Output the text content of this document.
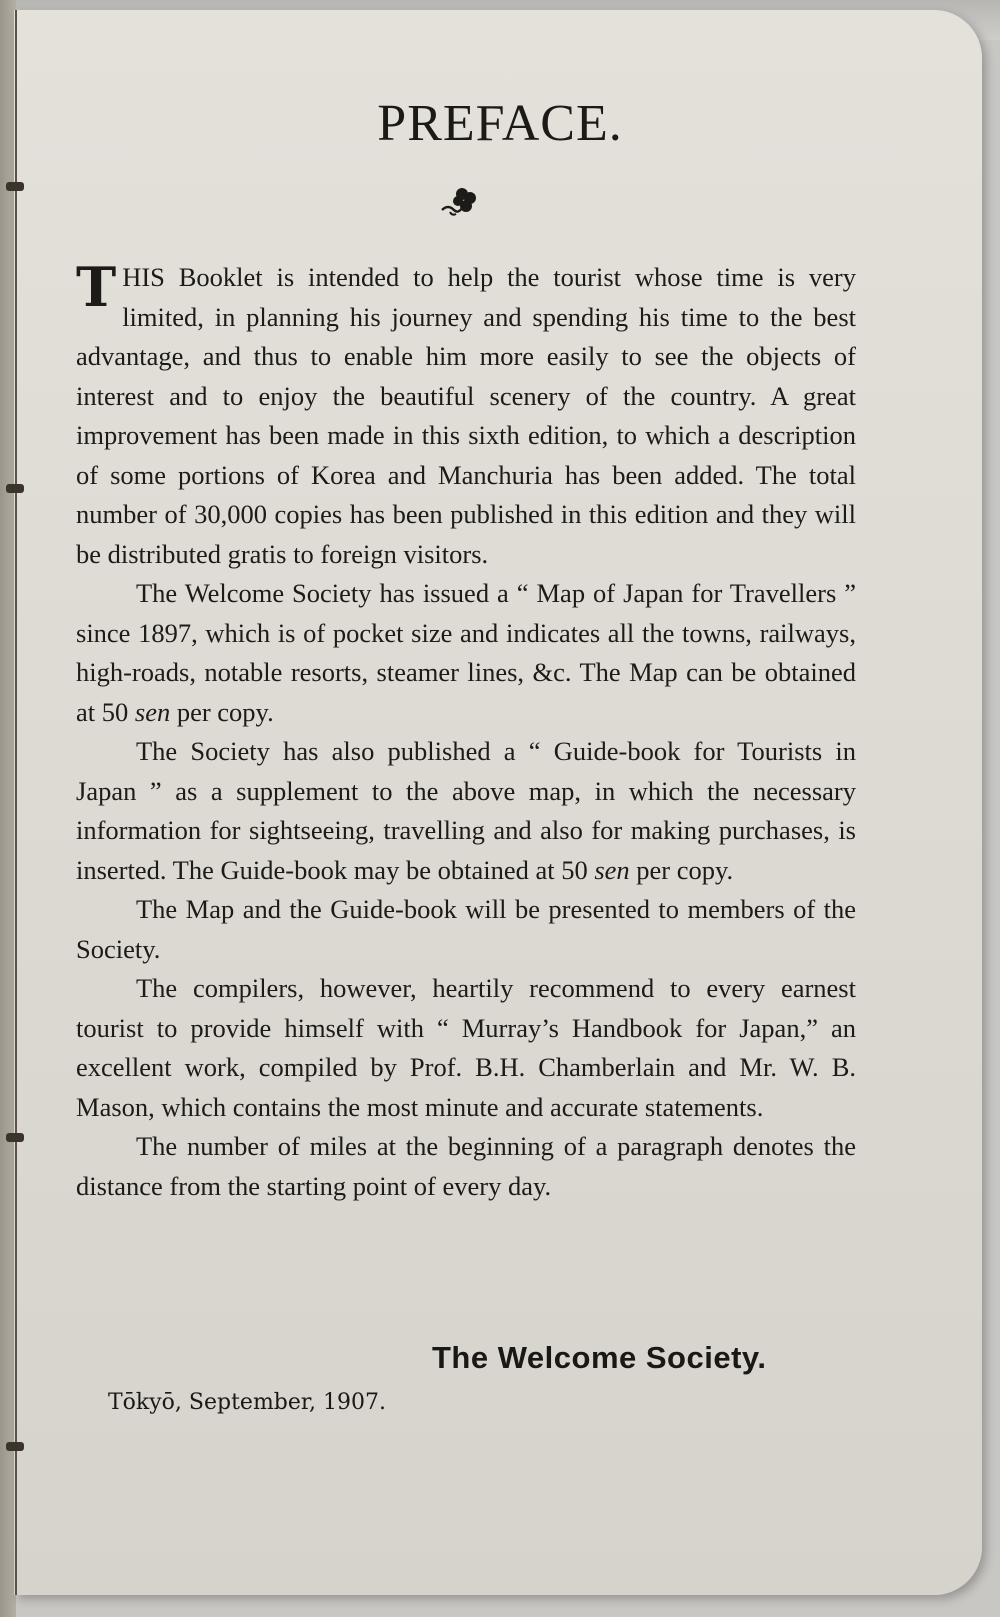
PREFACE.

THIS Booklet is intended to help the tourist whose time is very limited, in planning his journey and spending his time to the best advantage, and thus to enable him more easily to see the objects of interest and to enjoy the beautiful scenery of the country. A great improvement has been made in this sixth edition, to which a description of some portions of Korea and Manchuria has been added. The total number of 30,000 copies has been published in this edition and they will be distributed gratis to foreign visitors.

The Welcome Society has issued a “ Map of Japan for Travellers ” since 1897, which is of pocket size and indicates all the towns, railways, high-roads, notable resorts, steamer lines, &c. The Map can be obtained at 50 sen per copy.

The Society has also published a “ Guide-book for Tourists in Japan ” as a supplement to the above map, in which the necessary information for sightseeing, travelling and also for making purchases, is inserted. The Guide-book may be obtained at 50 sen per copy.

The Map and the Guide-book will be presented to members of the Society.

The compilers, however, heartily recommend to every earnest tourist to provide himself with “ Murray’s Handbook for Japan,” an excellent work, compiled by Prof. B.H. Chamberlain and Mr. W. B. Mason, which contains the most minute and accurate statements.

The number of miles at the beginning of a paragraph denotes the distance from the starting point of every day.

The Welcome Society.
Tōkyō, September, 1907.
